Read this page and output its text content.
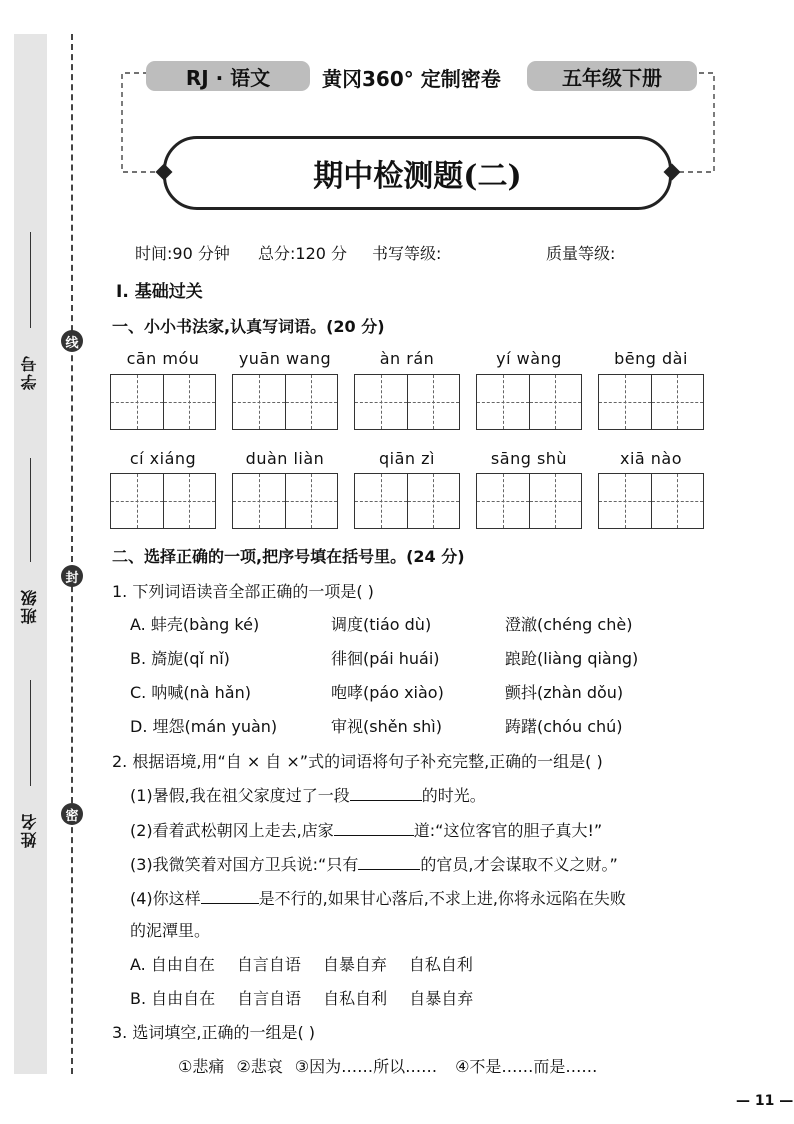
学号
班级
姓名
线
封
密
RJ · 语文	黄冈360° 定制密卷	五年级下册
期中检测题(二)
时间:90 分钟 总分:120 分 书写等级:	质量等级:
Ⅰ. 基础过关
一、小小书法家,认真写词语。(20 分)
cān móu	yuān wang	àn rán	yí wàng	bēng dài
cí xiáng	duàn liàn	qiān zì	sāng shù	xiā nào
二、选择正确的一项,把序号填在括号里。(24 分)
1. 下列词语读音全部正确的一项是( )
A. 蚌壳(bàng ké)	调度(tiáo dù)	澄澈(chéng chè)
B. 旖旎(qǐ nǐ)	徘徊(pái huái)	踉跄(liàng qiàng)
C. 呐喊(nà hǎn)	咆哮(páo xiào)	颤抖(zhàn dǒu)
D. 埋怨(mán yuàn)	审视(shěn shì)	踌躇(chóu chú)
2. 根据语境,用“自 × 自 ×”式的词语将句子补充完整,正确的一组是( )
(1)暑假,我在祖父家度过了一段	的时光。
(2)看着武松朝冈上走去,店家	道:“这位客官的胆子真大!”
(3)我微笑着对国方卫兵说:“只有	的官员,才会谋取不义之财。”
(4)你这样	是不行的,如果甘心落后,不求上进,你将永远陷在失败
的泥潭里。
A. 自由自在 自言自语 自暴自弃 自私自利
B. 自由自在 自言自语 自私自利 自暴自弃
3. 选词填空,正确的一组是( )
①悲痛 ②悲哀 ③因为……所以…… ④不是……而是……
— 11 —
